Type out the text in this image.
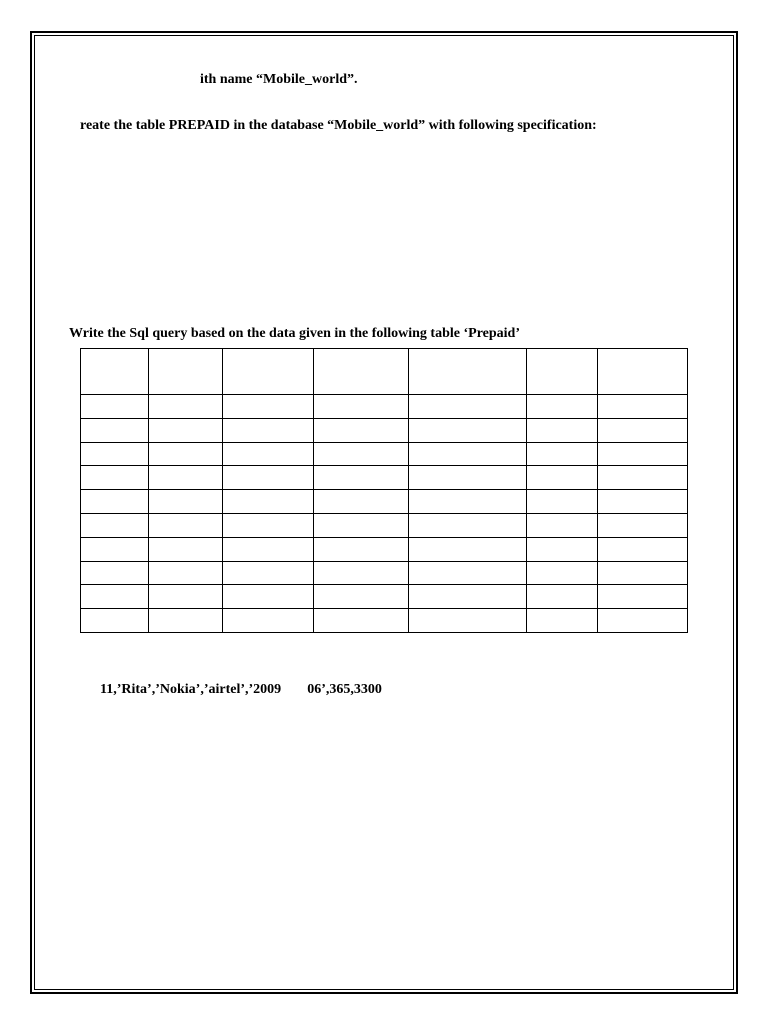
ith name “Mobile_world”.
reate the table PREPAID in the database “Mobile_world” with following specification:
Write the Sql query based on the data given in the following table ‘Prepaid’

11,’Rita’,’Nokia’,’airtel’,’2009 06’,365,3300
